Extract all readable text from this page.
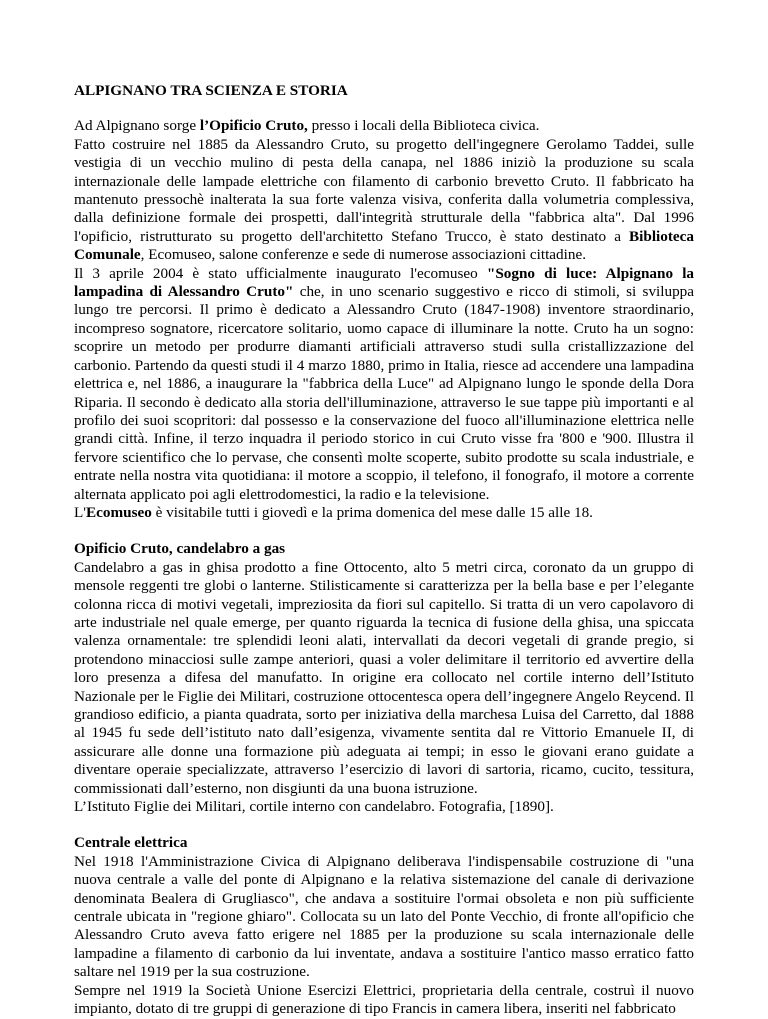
ALPIGNANO TRA SCIENZA E STORIA

Ad Alpignano sorge l’Opificio Cruto, presso i locali della Biblioteca civica.

Fatto costruire nel 1885 da Alessandro Cruto, su progetto dell'ingegnere Gerolamo Taddei, sulle vestigia di un vecchio mulino di pesta della canapa, nel 1886 iniziò la produzione su scala internazionale delle lampade elettriche con filamento di carbonio brevetto Cruto. Il fabbricato ha mantenuto pressochè inalterata la sua forte valenza visiva, conferita dalla volumetria complessiva, dalla definizione formale dei prospetti, dall'integrità strutturale della "fabbrica alta". Dal 1996 l'opificio, ristrutturato su progetto dell'architetto Stefano Trucco, è stato destinato a Biblioteca Comunale, Ecomuseo, salone conferenze e sede di numerose associazioni cittadine.

Il 3 aprile 2004 è stato ufficialmente inaugurato l'ecomuseo "Sogno di luce: Alpignano la lampadina di Alessandro Cruto" che, in uno scenario suggestivo e ricco di stimoli, si sviluppa lungo tre percorsi. Il primo è dedicato a Alessandro Cruto (1847-1908) inventore straordinario, incompreso sognatore, ricercatore solitario, uomo capace di illuminare la notte. Cruto ha un sogno: scoprire un metodo per produrre diamanti artificiali attraverso studi sulla cristallizzazione del carbonio. Partendo da questi studi il 4 marzo 1880, primo in Italia, riesce ad accendere una lampadina elettrica e, nel 1886, a inaugurare la "fabbrica della Luce" ad Alpignano lungo le sponde della Dora Riparia. Il secondo è dedicato alla storia dell'illuminazione, attraverso le sue tappe più importanti e al profilo dei suoi scopritori: dal possesso e la conservazione del fuoco all'illuminazione elettrica nelle grandi città. Infine, il terzo inquadra il periodo storico in cui Cruto visse fra '800 e '900. Illustra il fervore scientifico che lo pervase, che consentì molte scoperte, subito prodotte su scala industriale, e entrate nella nostra vita quotidiana: il motore a scoppio, il telefono, il fonografo, il motore a corrente alternata applicato poi agli elettrodomestici, la radio e la televisione.

L'Ecomuseo è visitabile tutti i giovedì e la prima domenica del mese dalle 15 alle 18.

Opificio Cruto, candelabro a gas

Candelabro a gas in ghisa prodotto a fine Ottocento, alto 5 metri circa, coronato da un gruppo di mensole reggenti tre globi o lanterne. Stilisticamente si caratterizza per la bella base e per l’elegante colonna ricca di motivi vegetali, impreziosita da fiori sul capitello. Si tratta di un vero capolavoro di arte industriale nel quale emerge, per quanto riguarda la tecnica di fusione della ghisa, una spiccata valenza ornamentale: tre splendidi leoni alati, intervallati da decori vegetali di grande pregio, si protendono minacciosi sulle zampe anteriori, quasi a voler delimitare il territorio ed avvertire della loro presenza a difesa del manufatto. In origine era collocato nel cortile interno dell’Istituto Nazionale per le Figlie dei Militari, costruzione ottocentesca opera dell’ingegnere Angelo Reycend. Il grandioso edificio, a pianta quadrata, sorto per iniziativa della marchesa Luisa del Carretto, dal 1888 al 1945 fu sede dell’istituto nato dall’esigenza, vivamente sentita dal re Vittorio Emanuele II, di assicurare alle donne una formazione più adeguata ai tempi; in esso le giovani erano guidate a diventare operaie specializzate, attraverso l’esercizio di lavori di sartoria, ricamo, cucito, tessitura, commissionati dall’esterno, non disgiunti da una buona istruzione.

L’Istituto Figlie dei Militari, cortile interno con candelabro. Fotografia, [1890].

Centrale elettrica

Nel 1918 l'Amministrazione Civica di Alpignano deliberava l'indispensabile costruzione di "una nuova centrale a valle del ponte di Alpignano e la relativa sistemazione del canale di derivazione denominata Bealera di Grugliasco", che andava a sostituire l'ormai obsoleta e non più sufficiente centrale ubicata in "regione ghiaro". Collocata su un lato del Ponte Vecchio, di fronte all'opificio che Alessandro Cruto aveva fatto erigere nel 1885 per la produzione su scala internazionale delle lampadine a filamento di carbonio da lui inventate, andava a sostituire l'antico masso erratico fatto saltare nel 1919 per la sua costruzione.

Sempre nel 1919 la Società Unione Esercizi Elettrici, proprietaria della centrale, costruì il nuovo impianto, dotato di tre gruppi di generazione di tipo Francis in camera libera, inseriti nel fabbricato
